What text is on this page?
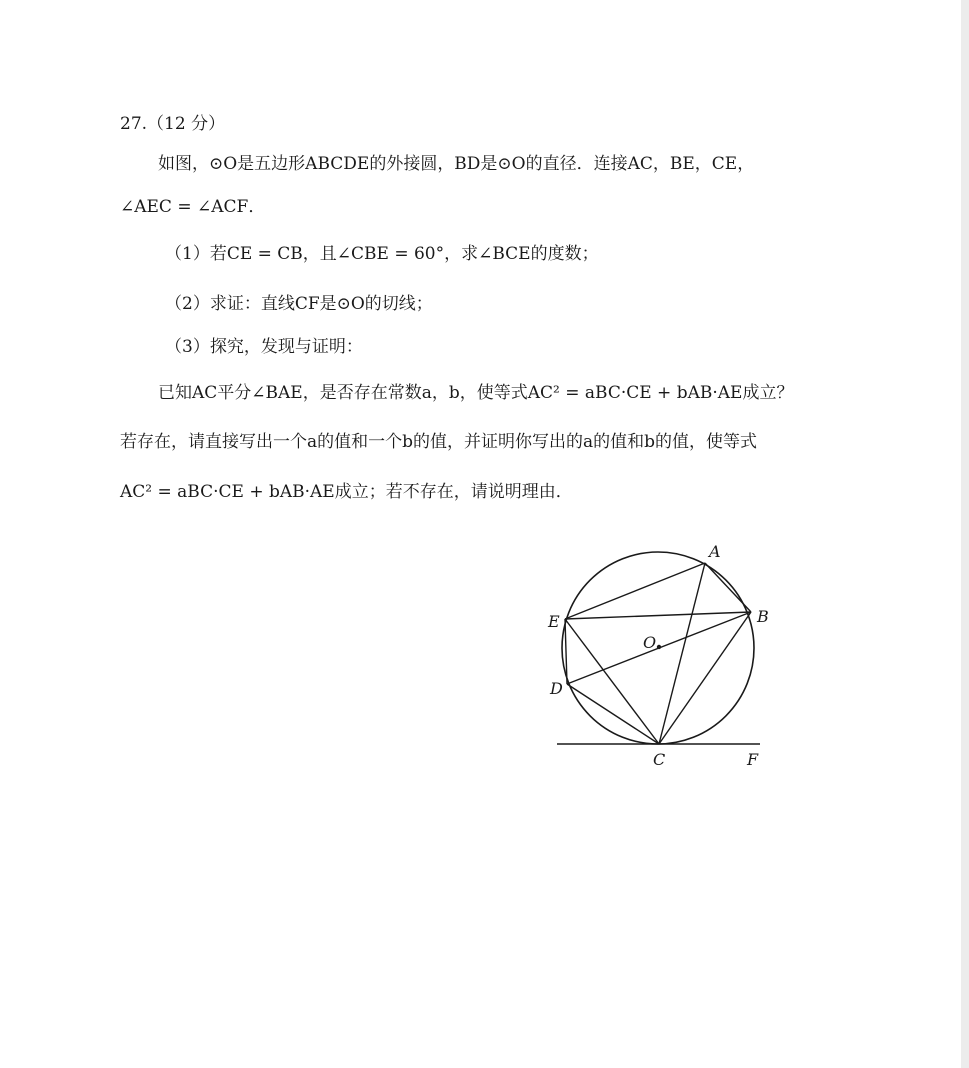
27.（12 分）
如图，⊙O是五边形ABCDE的外接圆，BD是⊙O的直径．连接AC，BE，CE，
∠AEC = ∠ACF．
（1）若CE = CB，且∠CBE = 60°，求∠BCE的度数；
（2）求证：直线CF是⊙O的切线；
（3）探究，发现与证明：
已知AC平分∠BAE，是否存在常数a，b，使等式AC² = aBC·CE + bAB·AE成立？
若存在，请直接写出一个a的值和一个b的值，并证明你写出的a的值和b的值，使等式
AC² = aBC·CE + bAB·AE成立；若不存在，请说明理由．
A
B
C
D
E
F
O
